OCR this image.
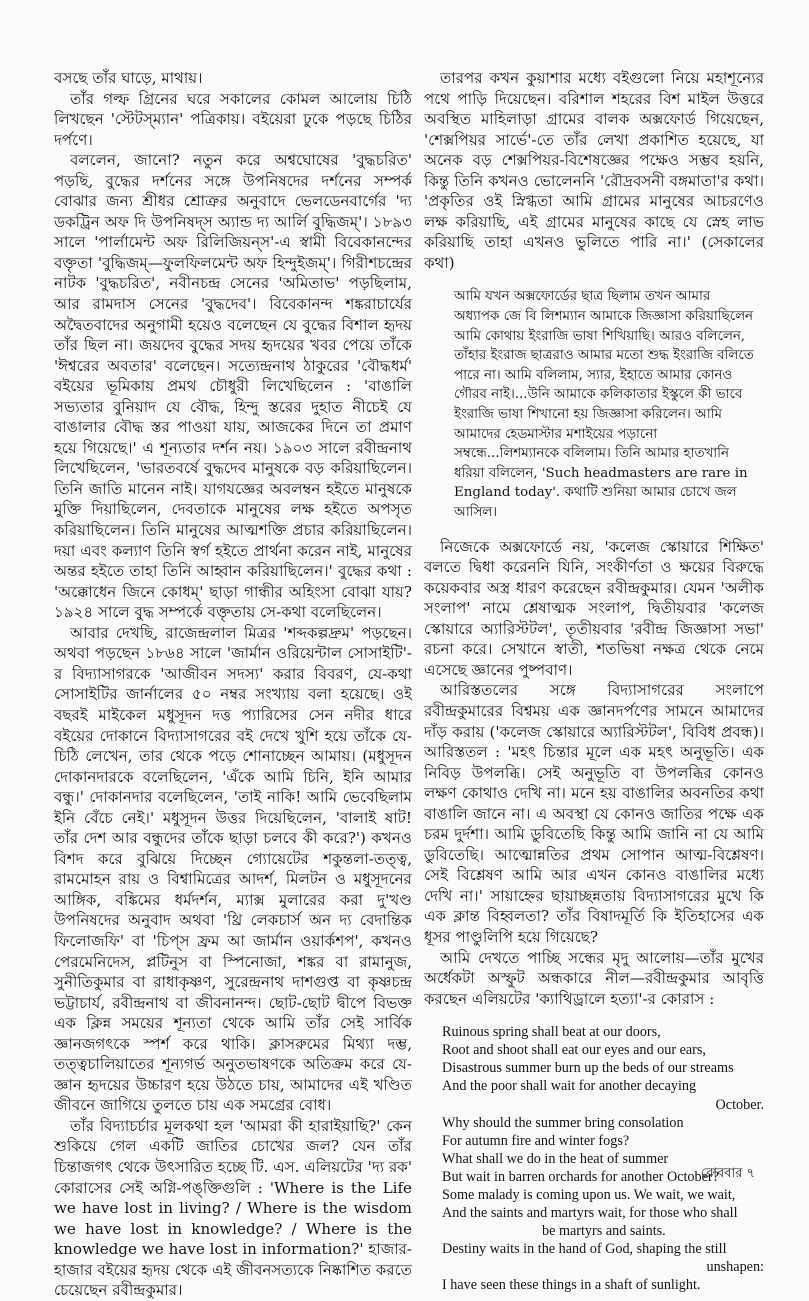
বসছে তাঁর ঘাড়ে, মাথায়।

তাঁর গল্ফ গ্রিনের ঘরে সকালের কোমল আলোয় চিঠি লিখছেন 'স্টেটস্‌ম্যান' পত্রিকায়। বইয়েরা ঢুকে পড়ছে চিঠির দর্পণে।

বললেন, জানো? নতুন করে অশ্বঘোষের 'বুদ্ধচরিত' পড়ছি, বুদ্ধের দর্শনের সঙ্গে উপনিষদের দর্শনের সম্পর্ক বোঝার জন্য শ্রীধর শ্রোত্রুর অনুবাদে ভেলডেনবার্গের 'দ্য ডকট্রিন অফ দি উপনিষদ্‌স অ্যান্ড দ্য আর্লি বুদ্ধিজম্‌'। ১৮৯৩ সালে 'পার্লামেন্ট অফ রিলিজিয়ন্‌স'-এ স্বামী বিবেকানন্দের বক্তৃতা 'বুদ্ধিজম্‌—ফুলফিলমেন্ট অফ হিন্দুইজম্‌'। গিরীশচন্দ্রের নাটক 'বুদ্ধচরিত', নবীনচন্দ্র সেনের 'অমিতাভ' পড়ছিলাম, আর রামদাস সেনের 'বুদ্ধদেব'। বিবেকানন্দ শঙ্করাচার্যের অদ্বৈতবাদের অনুগামী হয়েও বলেছেন যে বুদ্ধের বিশাল হৃদয় তাঁর ছিল না। জয়দেব বুদ্ধের সদয় হৃদয়ের খবর পেয়ে তাঁকে 'ঈশ্বরের অবতার' বলেছেন। সত্যেন্দ্রনাথ ঠাকুরের 'বৌদ্ধধর্ম' বইয়ের ভূমিকায় প্রমথ চৌধুরী লিখেছিলেন : 'বাঙালি সভ্যতার বুনিয়াদ যে বৌদ্ধ, হিন্দু স্তরের দুহাত নীচেই যে বাঙালার বৌদ্ধ স্তর পাওয়া যায়, আজকের দিনে তা প্রমাণ হয়ে গিয়েছে।' এ শূন্যতার দর্শন নয়। ১৯০৩ সালে রবীন্দ্রনাথ লিখেছিলেন, 'ভারতবর্ষে বুদ্ধদেব মানুষকে বড় করিয়াছিলেন। তিনি জাতি মানেন নাই। যাগযজ্ঞের অবলম্বন হইতে মানুষকে মুক্তি দিয়াছিলেন, দেবতাকে মানুষের লক্ষ হইতে অপসৃত করিয়াছিলেন। তিনি মানুষের আত্মশক্তি প্রচার করিয়াছিলেন। দয়া এবং কল্যাণ তিনি স্বর্গ হইতে প্রার্থনা করেন নাই, মানুষের অন্তর হইতে তাহা তিনি আহ্বান করিয়াছিলেন।' বুদ্ধের কথা : 'অক্কোধেন জিনে কোধম্‌' ছাড়া গান্ধীর অহিংসা বোঝা যায়? ১৯২৪ সালে বুদ্ধ সম্পর্কে বক্তৃতায় সে-কথা বলেছিলেন।

আবার দেখছি, রাজেন্দ্রলাল মিত্রর 'শব্দকল্পদ্রুম' পড়ছেন। অথবা পড়ছেন ১৮৬৪ সালে 'জার্মান ওরিয়েন্টাল সোসাইটি'-র বিদ্যাসাগরকে 'আজীবন সদস্য' করার বিবরণ, যে-কথা সোসাইটির জার্নালের ৫০ নম্বর সংখ্যায় বলা হয়েছে। ওই বছরই মাইকেল মধুসূদন দত্ত প্যারিসের সেন নদীর ধারে বইয়ের দোকানে বিদ্যাসাগরের বই দেখে খুশি হয়ে তাঁকে যে-চিঠি লেখেন, তার থেকে পড়ে শোনাচ্ছেন আমায়। (মধুসূদন দোকানদারকে বলেছিলেন, 'এঁকে আমি চিনি, ইনি আমার বন্ধু।' দোকানদার বলেছিলেন, 'তাই নাকি! আমি ভেবেছিলাম ইনি বেঁচে নেই।' মধুসূদন উত্তর দিয়েছিলেন, 'বালাই ষাট! তাঁর দেশ আর বন্ধুদের তাঁকে ছাড়া চলবে কী করে?') কখনও বিশদ করে বুঝিয়ে দিচ্ছেন গ্যোয়েটের শকুন্তলা-তত্ত্ব, রামমোহন রায় ও বিশ্বামিত্রের আদর্শ, মিলটন ও মধুসূদনের আঙ্গিক, বঙ্কিমের ধর্মদর্শন, ম্যাক্স মুলারের করা দু'খণ্ড উপনিষদের অনুবাদ অথবা 'থ্রি লেকচার্স অন দ্য বেদান্তিক ফিলোজফি' বা 'চিপ্‌স ফ্রম আ জার্মান ওয়ার্কশপ', কখনও পেরমেনিদেস, প্লটিনুস বা স্পিনোজা, শঙ্কর বা রামানুজ, সুনীতিকুমার বা রাধাকৃষ্ণণ, সুরেন্দ্রনাথ দাশগুপ্ত বা কৃষ্ণচন্দ্র ভট্টাচার্য, রবীন্দ্রনাথ বা জীবনানন্দ। ছোট-ছোট দ্বীপে বিভক্ত এক ক্লিন্ন সময়ের শূন্যতা থেকে আমি তাঁর সেই সার্বিক জ্ঞানজগৎকে স্পর্শ করে থাকি। ক্লাসরুমের মিথ্যা দম্ভ, তত্ত্বচালিয়াতের শূন্যগর্ভ অনুতভাষণকে অতিক্রম করে যে-জ্ঞান হৃদয়ের উচ্চারণ হয়ে উঠতে চায়, আমাদের এই খণ্ডিত জীবনে জাগিয়ে তুলতে চায় এক সমগ্রের বোধ।

তাঁর বিদ্যাচর্চার মূলকথা হল 'আমরা কী হারাইয়াছি?' কেন শুকিয়ে গেল একটি জাতির চোখের জল? যেন তাঁর চিন্তাজগৎ থেকে উৎসারিত হচ্ছে টি. এস. এলিয়টের 'দ্য রক' কোরাসের সেই অগ্নি-পঙ্‌ক্তিগুলি : 'Where is the Life we have lost in living? / Where is the wisdom we have lost in knowledge? / Where is the knowledge we have lost in information?' হাজার-হাজার বইয়ের হৃদয় থেকে এই জীবনসত্যকে নিষ্কাশিত করতে চেয়েছেন রবীন্দ্রকুমার।

তারপর কখন কুয়াশার মধ্যে বইগুলো নিয়ে মহাশূন্যের পথে পাড়ি দিয়েছেন। বরিশাল শহরের বিশ মাইল উত্তরে অবস্থিত মাহিলাড়া গ্রামের বালক অক্সফোর্ড গিয়েছেন, 'শেক্সপিয়র সার্ভে'-তে তাঁর লেখা প্রকাশিত হয়েছে, যা অনেক বড় শেক্সপিয়র-বিশেষজ্ঞের পক্ষেও সম্ভব হয়নি, কিন্তু তিনি কখনও ভোলেননি 'রৌদ্রবসনী বঙ্গমাতা'র কথা। 'প্রকৃতির ওই স্নিগ্ধতা আমি গ্রামের মানুষের আচরণেও লক্ষ করিয়াছি, এই গ্রামের মানুষের কাছে যে স্নেহ লাভ করিয়াছি তাহা এখনও ভুলিতে পারি না।' (সেকালের কথা)

আমি যখন অক্সফোর্ডের ছাত্র ছিলাম তখন আমার অধ্যাপক জে বি লিশম্যান আমাকে জিজ্ঞাসা করিয়াছিলেন আমি কোথায় ইংরাজি ভাষা শিখিয়াছি। আরও বলিলেন, তাঁহার ইংরাজ ছাত্ররাও আমার মতো শুদ্ধ ইংরাজি বলিতে পারে না। আমি বলিলাম, স্যার, ইহাতে আমার কোনও গৌরব নাই।...উনি আমাকে কলিকাতার ইস্কুলে কী ভাবে ইংরাজি ভাষা শিখানো হয় জিজ্ঞাসা করিলেন। আমি আমাদের হেডমাস্টার মশাইয়ের পড়ানো সম্বন্ধে...লিশম্যানকে বলিলাম। তিনি আমার হাতখানি ধরিয়া বলিলেন, 'Such headmasters are rare in England today'. কথাটি শুনিয়া আমার চোখে জল আসিল।

নিজেকে অক্সফোর্ডে নয়, 'কলেজ স্কোয়ারে শিক্ষিত' বলতে দ্বিধা করেননি যিনি, সংকীর্ণতা ও ক্ষয়ের বিরুদ্ধে কয়েকবার অস্ত্র ধারণ করেছেন রবীন্দ্রকুমার। যেমন 'অলীক সংলাপ' নামে শ্লেষাত্মক সংলাপ, দ্বিতীয়বার 'কলেজ স্কোয়ারে অ্যারিস্টটল', তৃতীয়বার 'রবীন্দ্র জিজ্ঞাসা সভা' রচনা করে। সেখানে স্বাতী, শতভিষা নক্ষত্র থেকে নেমে এসেছে জ্ঞানের পুষ্পবাণ।

আরিস্ততলের সঙ্গে বিদ্যাসাগরের সংলাপে রবীন্দ্রকুমারের বিশ্বময় এক জ্ঞানদর্পণের সামনে আমাদের দাঁড় করায় ('কলেজ স্কোয়ারে অ্যারিস্টটল', বিবিধ প্রবন্ধ)। আরিস্ততল : 'মহৎ চিন্তার মূলে এক মহৎ অনুভূতি। এক নিবিড় উপলব্ধি। সেই অনুভূতি বা উপলব্ধির কোনও লক্ষণ কোথাও দেখি না। মনে হয় বাঙালির অবনতির কথা বাঙালি জানে না। এ অবস্থা যে কোনও জাতির পক্ষে এক চরম দুর্দশা। আমি ডুবিতেছি কিন্তু আমি জানি না যে আমি ডুবিতেছি। আত্মোন্নতির প্রথম সোপান আত্ম-বিশ্লেষণ। সেই বিশ্লেষণ আমি আর এখন কোনও বাঙালির মধ্যে দেখি না।' সায়াহ্নের ছায়াচ্ছন্নতায় বিদ্যাসাগরের মুখে কি এক ক্লান্ত বিহ্বলতা? তাঁর বিষাদমূর্তি কি ইতিহাসের এক ধূসর পাণ্ডুলিপি হয়ে গিয়েছে?

আমি দেখতে পাচ্ছি সন্ধের মৃদু আলোয়—তাঁর মুখের অর্ধেকটা অস্ফুট অন্ধকারে নীল—রবীন্দ্রকুমার আবৃত্তি করছেন এলিয়টের 'ক্যাথিড্রালে হত্যা'-র কোরাস :

Ruinous spring shall beat at our doors,
Root and shoot shall eat our eyes and our ears,
Disastrous summer burn up the beds of our streams
And the poor shall wait for another decaying
October.
Why should the summer bring consolation
For autumn fire and winter fogs?
What shall we do in the heat of summer
But wait in barren orchards for another October?
Some malady is coming upon us. We wait, we wait,
And the saints and martyrs wait, for those who shall
be martyrs and saints.
Destiny waits in the hand of God, shaping the still
unshapen:
I have seen these things in a shaft of sunlight.
রোববার ৭
